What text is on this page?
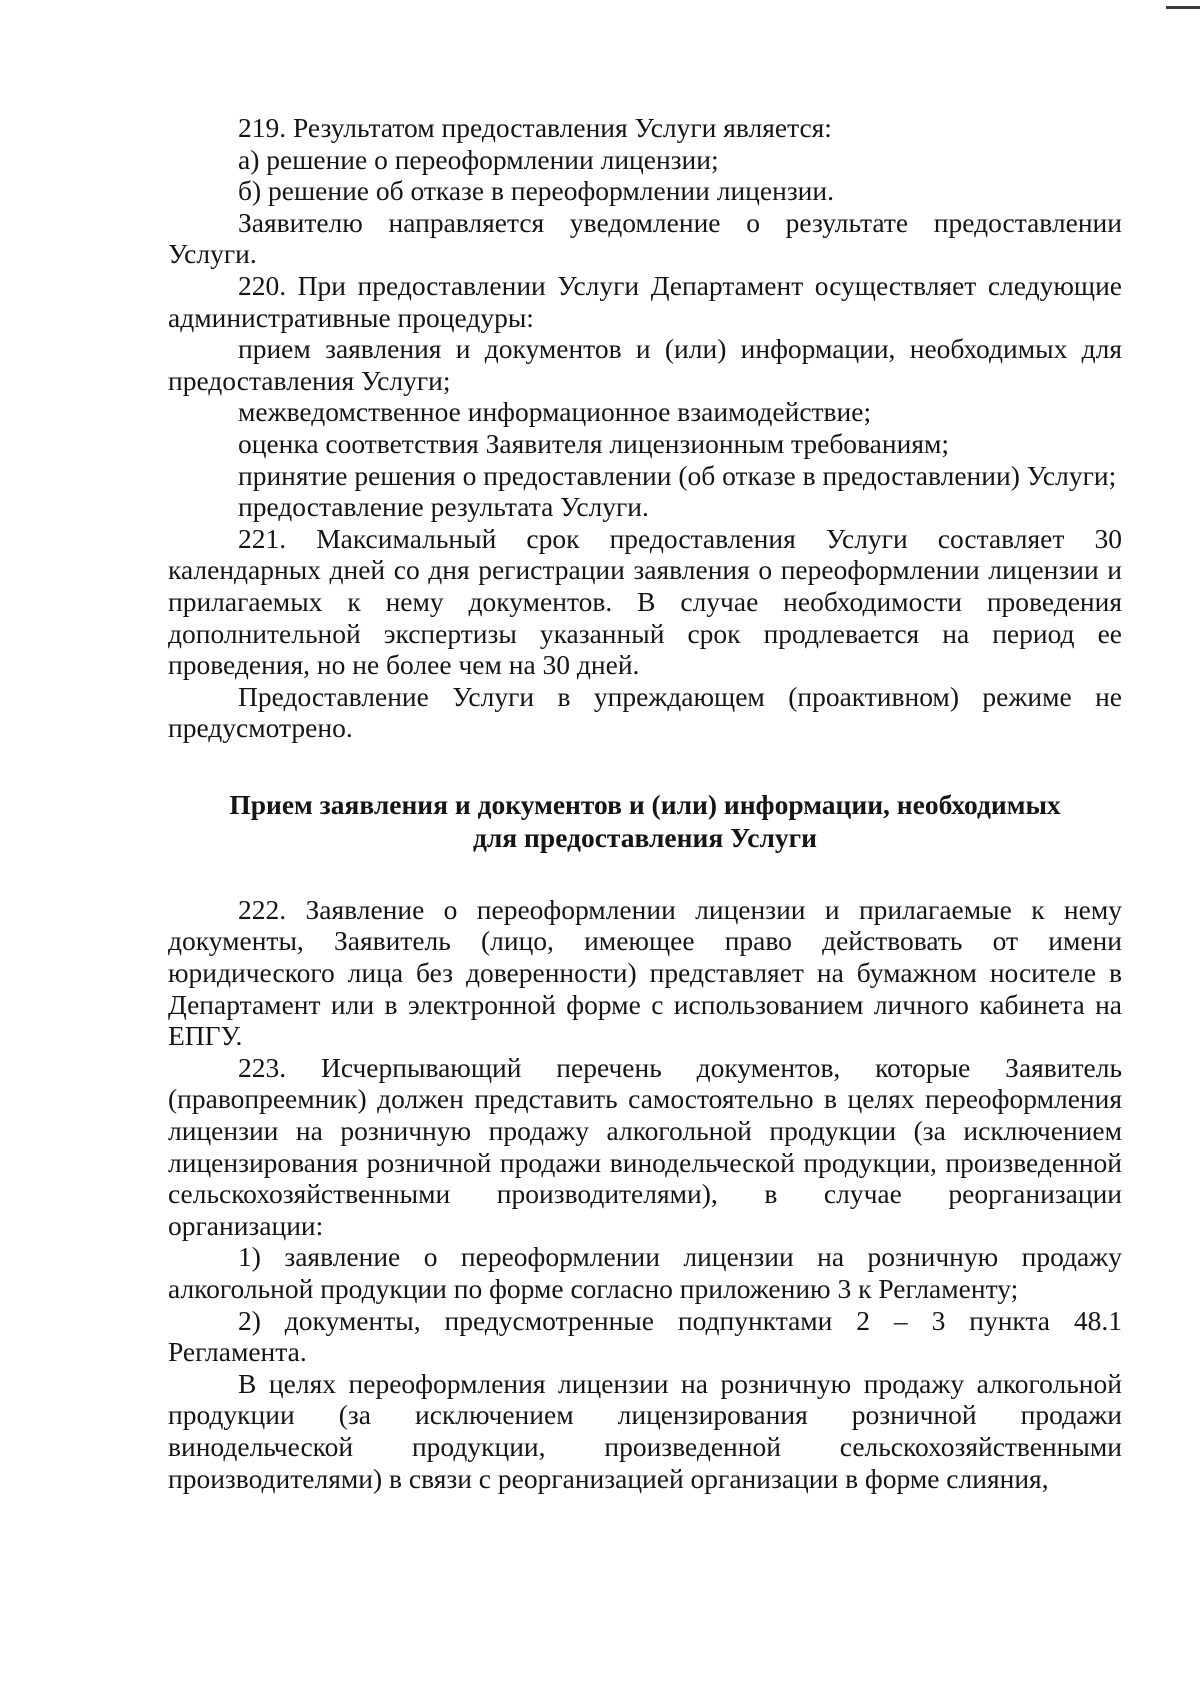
219. Результатом предоставления Услуги является:

а) решение о переоформлении лицензии;

б) решение об отказе в переоформлении лицензии.

Заявителю направляется уведомление о результате предоставлении Услуги.

220. При предоставлении Услуги Департамент осуществляет следующие административные процедуры:

прием заявления и документов и (или) информации, необходимых для предоставления Услуги;

межведомственное информационное взаимодействие;

оценка соответствия Заявителя лицензионным требованиям;

принятие решения о предоставлении (об отказе в предоставлении) Услуги;

предоставление результата Услуги.

221. Максимальный срок предоставления Услуги составляет 30 календарных дней со дня регистрации заявления о переоформлении лицензии и прилагаемых к нему документов. В случае необходимости проведения дополнительной экспертизы указанный срок продлевается на период ее проведения, но не более чем на 30 дней.

Предоставление Услуги в упреждающем (проактивном) режиме не предусмотрено.

Прием заявления и документов и (или) информации, необходимых
для предоставления Услуги

222. Заявление о переоформлении лицензии и прилагаемые к нему документы, Заявитель (лицо, имеющее право действовать от имени юридического лица без доверенности) представляет на бумажном носителе в Департамент или в электронной форме с использованием личного кабинета на ЕПГУ.

223. Исчерпывающий перечень документов, которые Заявитель (правопреемник) должен представить самостоятельно в целях переоформления лицензии на розничную продажу алкогольной продукции (за исключением лицензирования розничной продажи винодельческой продукции, произведенной сельскохозяйственными производителями), в случае реорганизации организации:

1) заявление о переоформлении лицензии на розничную продажу алкогольной продукции по форме согласно приложению 3 к Регламенту;

2) документы, предусмотренные подпунктами 2 – 3 пункта 48.1 Регламента.

В целях переоформления лицензии на розничную продажу алкогольной продукции (за исключением лицензирования розничной продажи винодельческой продукции, произведенной сельскохозяйственными производителями) в связи с реорганизацией организации в форме слияния,
